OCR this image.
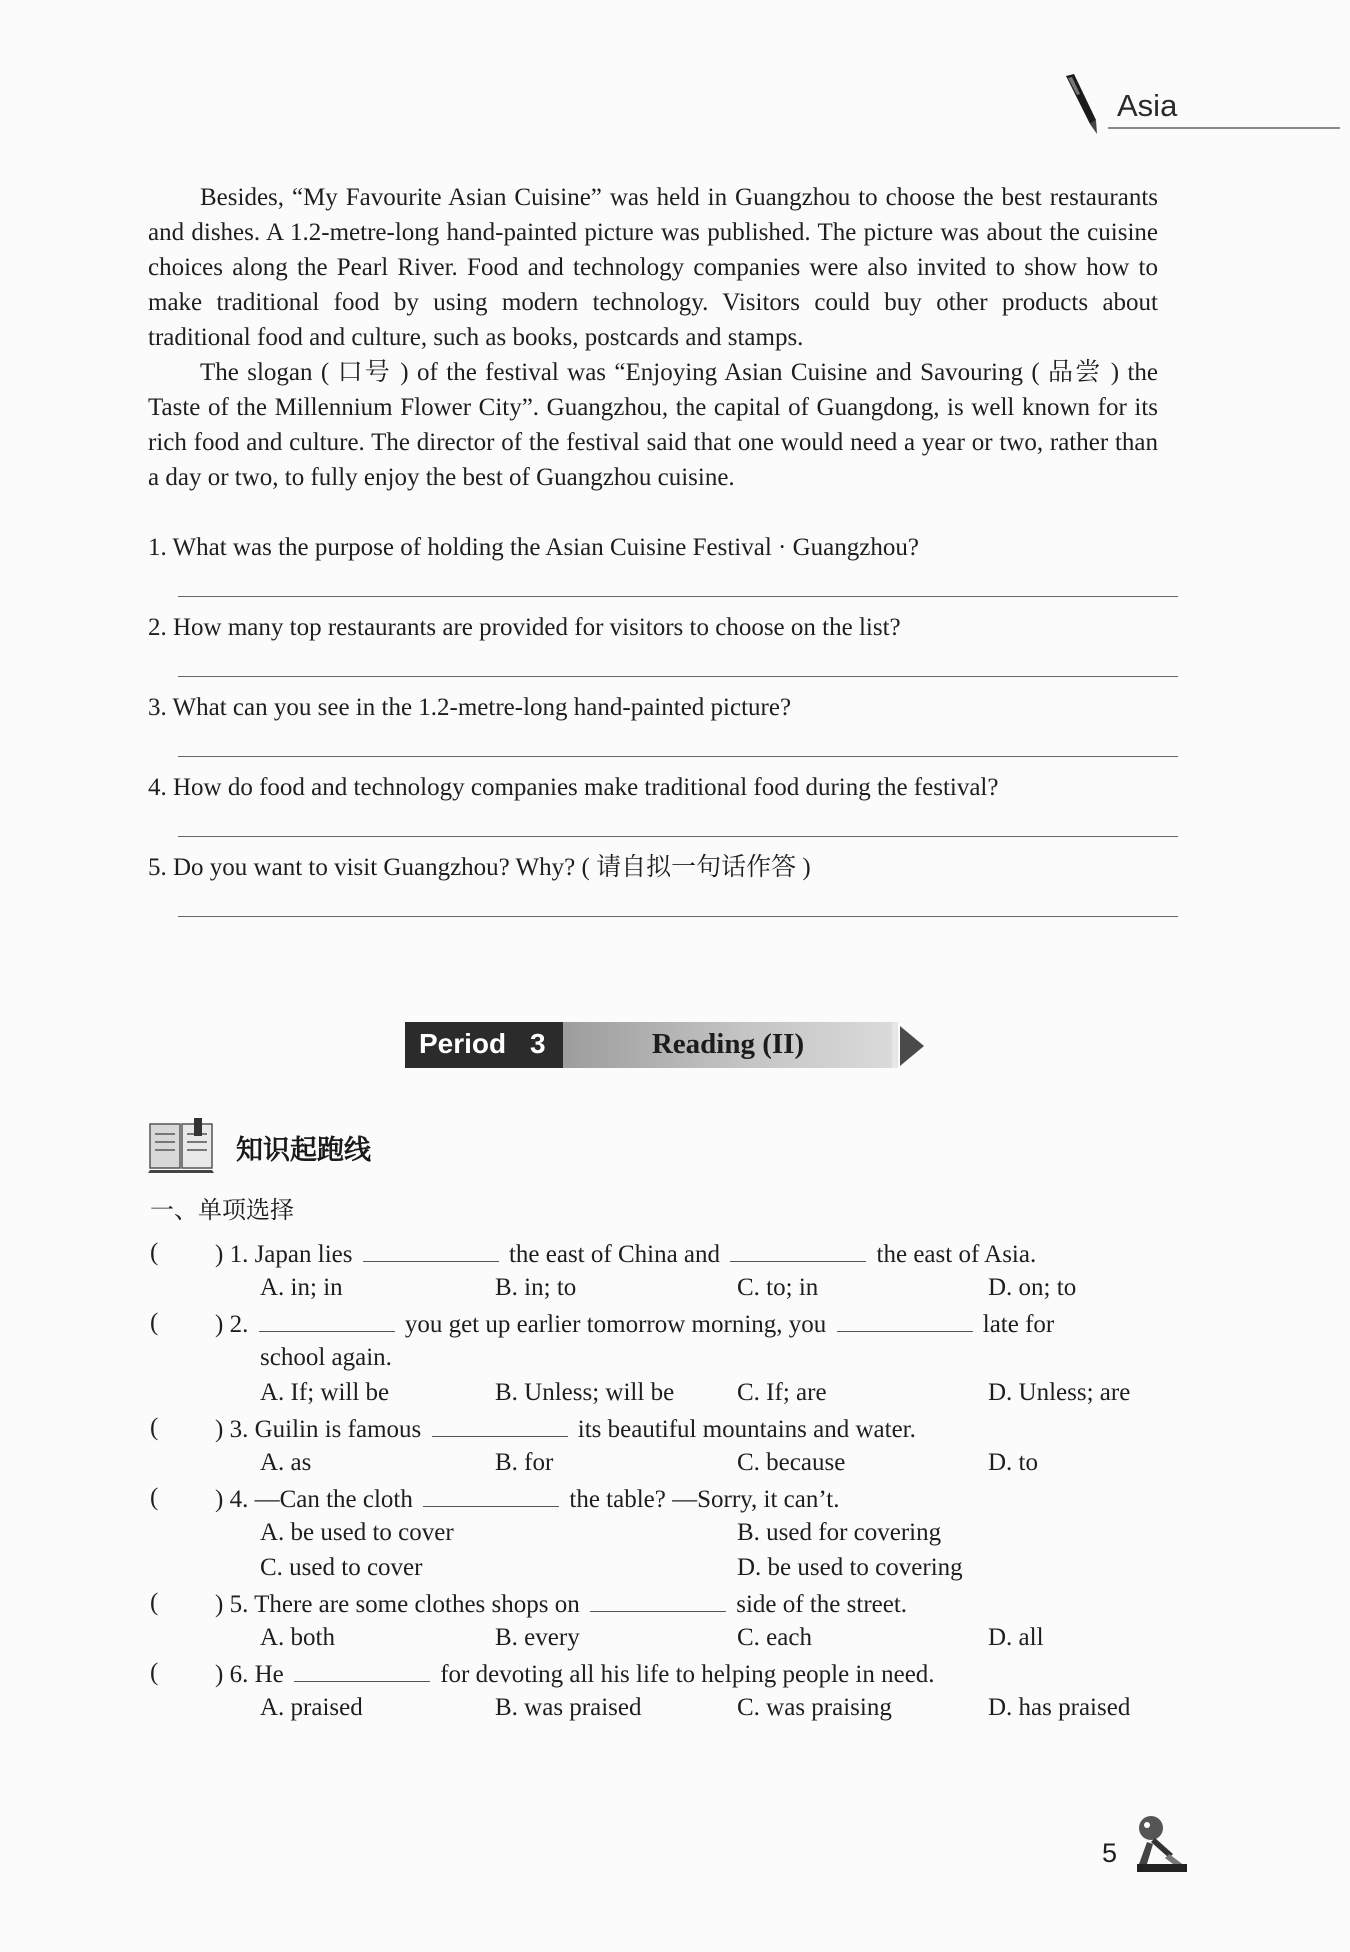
Asia

Besides, “My Favourite Asian Cuisine” was held in Guangzhou to choose the best restaurants and dishes. A 1.2-metre-long hand-painted picture was published. The picture was about the cuisine choices along the Pearl River. Food and technology companies were also invited to show how to make traditional food by using modern technology. Visitors could buy other products about traditional food and culture, such as books, postcards and stamps.

The slogan ( 口号 ) of the festival was “Enjoying Asian Cuisine and Savouring ( 品尝 ) the Taste of the Millennium Flower City”. Guangzhou, the capital of Guangdong, is well known for its rich food and culture. The director of the festival said that one would need a year or two, rather than a day or two, to fully enjoy the best of Guangzhou cuisine.

1. What was the purpose of holding the Asian Cuisine Festival · Guangzhou?
2. How many top restaurants are provided for visitors to choose on the list?
3. What can you see in the 1.2-metre-long hand-painted picture?
4. How do food and technology companies make traditional food during the festival?
5. Do you want to visit Guangzhou? Why? ( 请自拟一句话作答 )
Period 3	Reading (II)
知识起跑线
一、单项选择
( ) 1. Japan lies	the east of China and	the east of Asia.
A. in; in	B. in; to	C. to; in	D. on; to
( ) 2.	you get up earlier tomorrow morning, you	late for
school again.
A. If; will be	B. Unless; will be	C. If; are	D. Unless; are
( ) 3. Guilin is famous	its beautiful mountains and water.
A. as	B. for	C. because	D. to
( ) 4. —Can the cloth	the table? —Sorry, it can’t.
A. be used to cover	B. used for covering
C. used to cover	D. be used to covering
( ) 5. There are some clothes shops on	side of the street.
A. both	B. every	C. each	D. all
( ) 6. He	for devoting all his life to helping people in need.
A. praised	B. was praised	C. was praising	D. has praised
5
